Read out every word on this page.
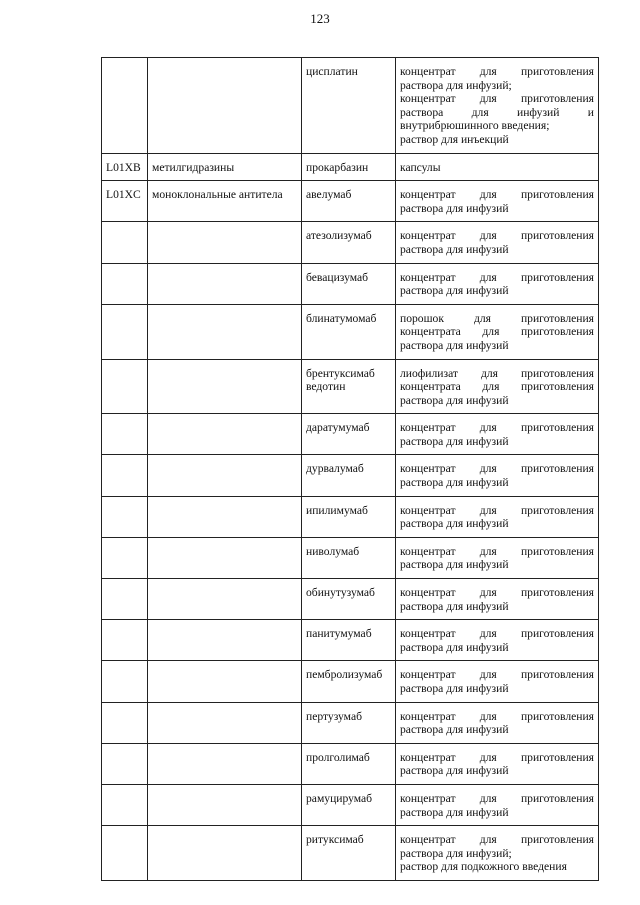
123
		цисплатин	концентрат для приготовления раствора для инфузий;
концентрат для приготовления раствора для инфузий и внутрибрюшинного введения;
раствор для инъекций

L01XB	метилгидразины	прокарбазин	капсулы

L01XC	моноклональные антитела	авелумаб	концентрат для приготовления раствора для инфузий

		атезолизумаб	концентрат для приготовления раствора для инфузий

		бевацизумаб	концентрат для приготовления раствора для инфузий

		блинатумомаб	порошок для приготовления концентрата для приготовления раствора для инфузий

		брентуксимаб ведотин	лиофилизат для приготовления концентрата для приготовления раствора для инфузий

		даратумумаб	концентрат для приготовления раствора для инфузий

		дурвалумаб	концентрат для приготовления раствора для инфузий

		ипилимумаб	концентрат для приготовления раствора для инфузий

		ниволумаб	концентрат для приготовления раствора для инфузий

		обинутузумаб	концентрат для приготовления раствора для инфузий

		панитумумаб	концентрат для приготовления раствора для инфузий

		пембролизумаб	концентрат для приготовления раствора для инфузий

		пертузумаб	концентрат для приготовления раствора для инфузий

		пролголимаб	концентрат для приготовления раствора для инфузий

		рамуцирумаб	концентрат для приготовления раствора для инфузий

		ритуксимаб	концентрат для приготовления раствора для инфузий;
раствор для подкожного введения
